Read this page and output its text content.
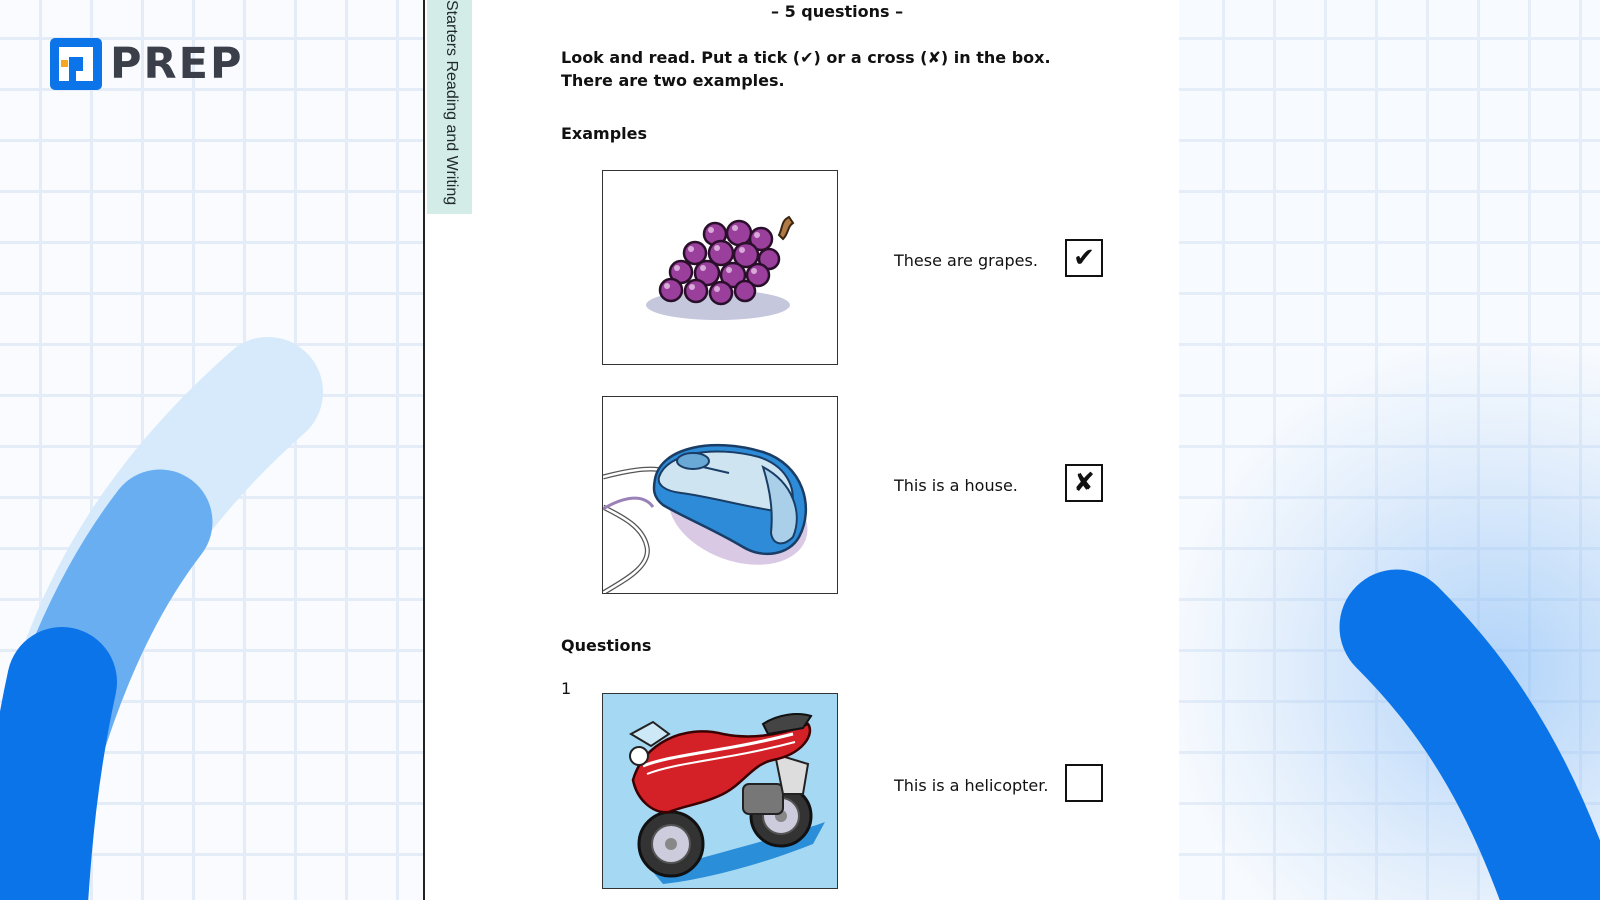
PREP	Starters Reading and Writing	– 5 questions –
Look and read. Put a tick (✔) or a cross (✘) in the box.
There are two examples.
Examples
These are grapes.	✔
This is a house.	✘
Questions
1
This is a helicopter.
